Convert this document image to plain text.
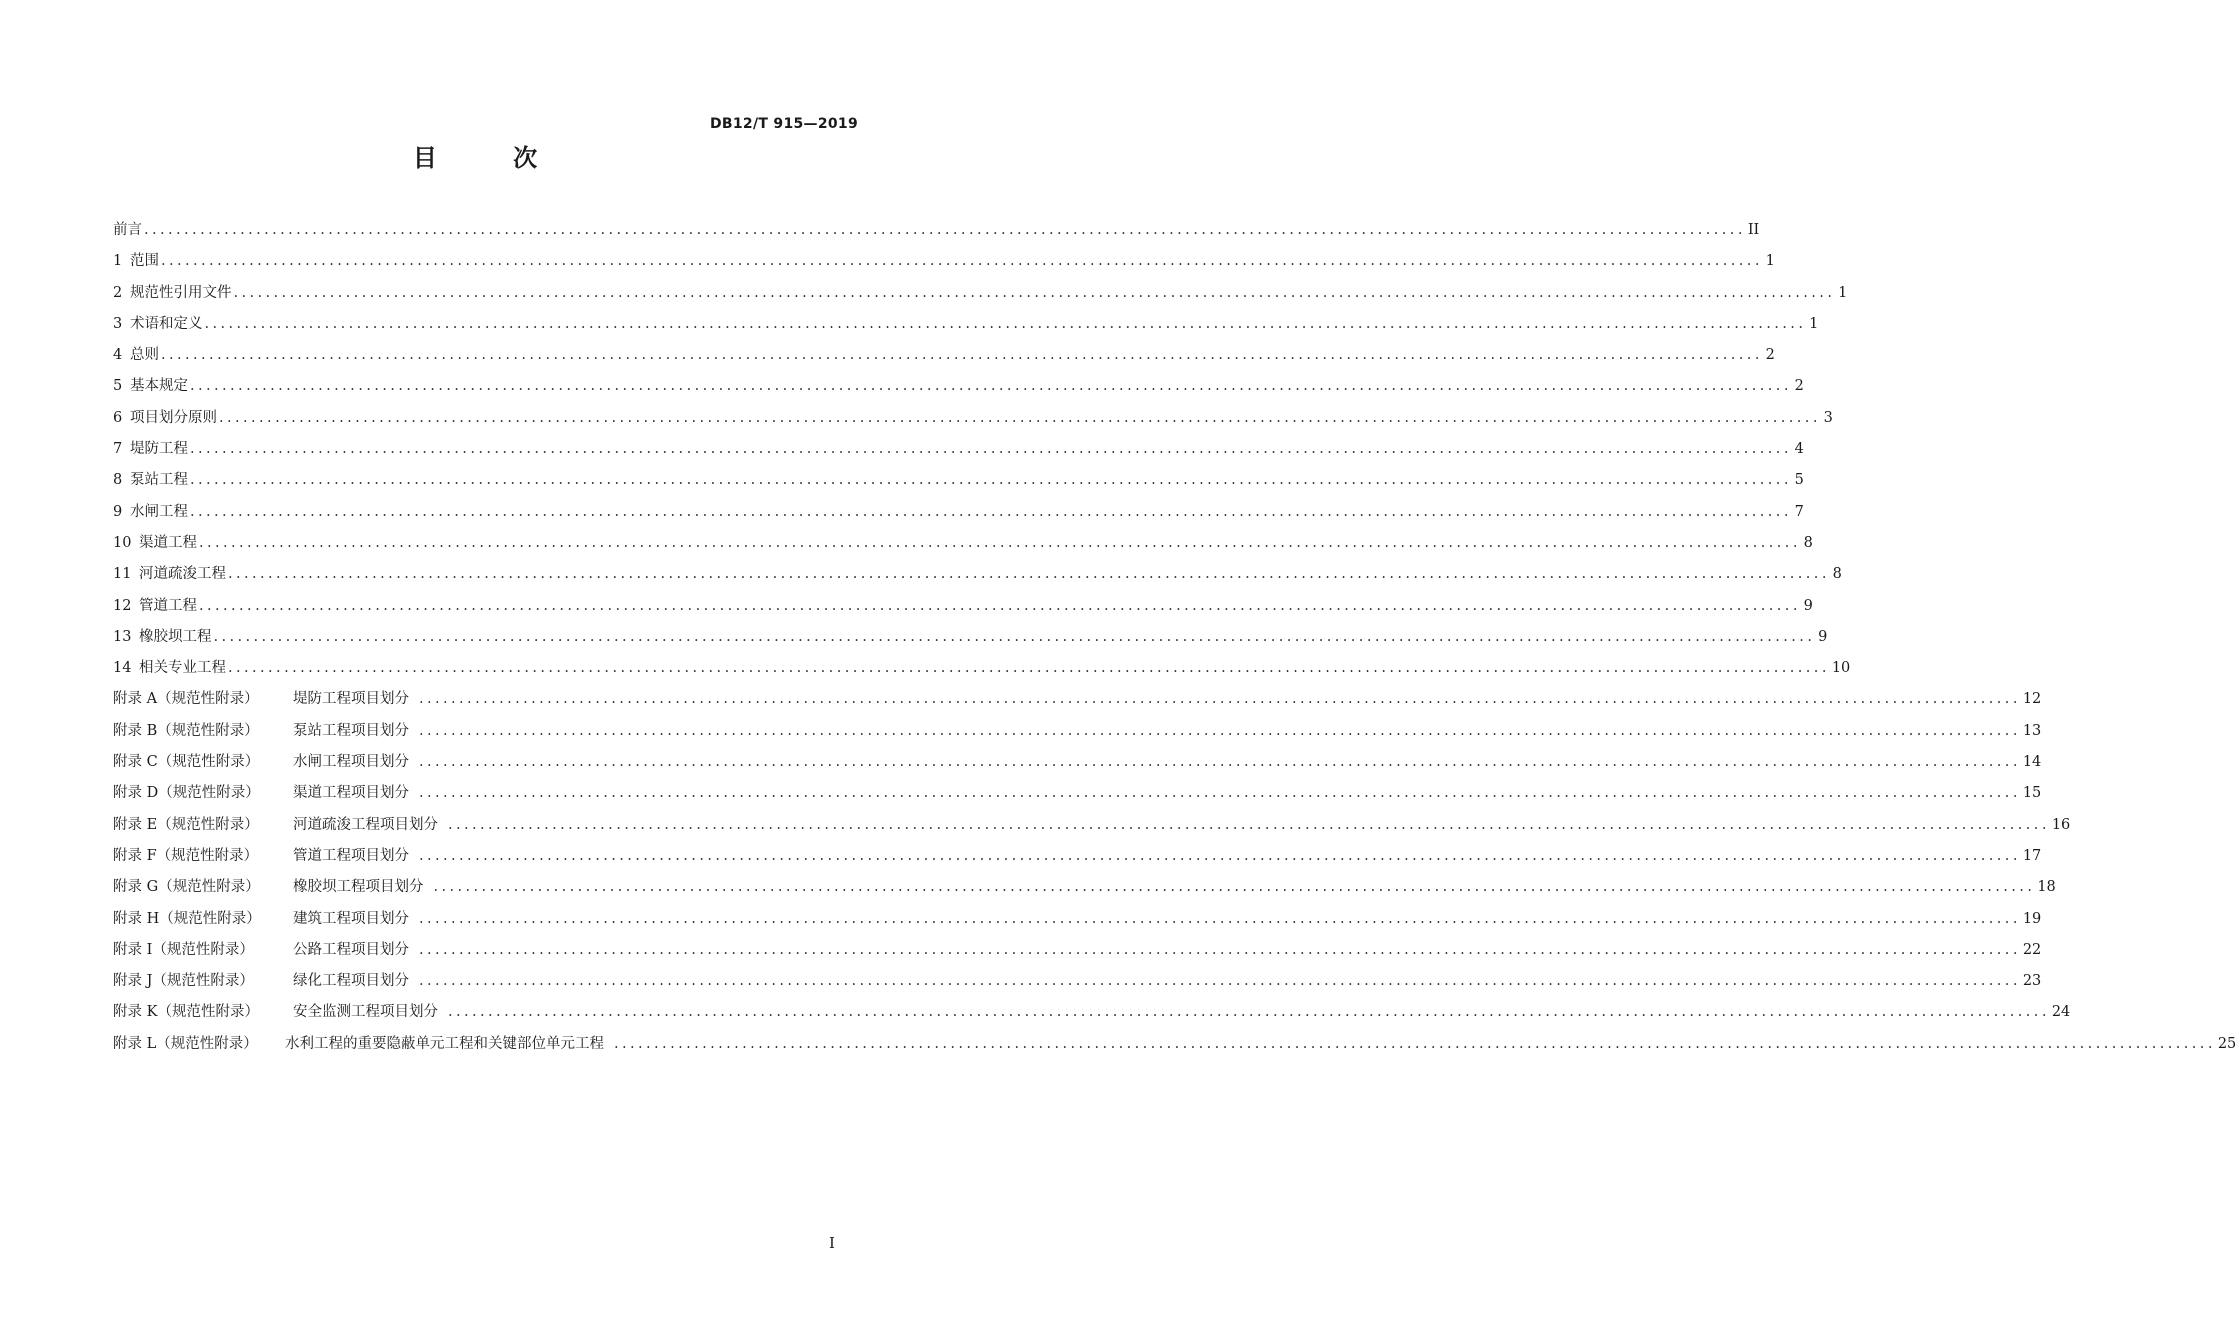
DB12/T 915—2019
目 次
前言 ........................................................................................................................................................................................................ II
1 范围 ........................................................................................................................................................................................................ 1
2 规范性引用文件 ........................................................................................................................................................................................................ 1
3 术语和定义 ........................................................................................................................................................................................................ 1
4 总则 ........................................................................................................................................................................................................ 2
5 基本规定 ........................................................................................................................................................................................................ 2
6 项目划分原则 ........................................................................................................................................................................................................ 3
7 堤防工程 ........................................................................................................................................................................................................ 4
8 泵站工程 ........................................................................................................................................................................................................ 5
9 水闸工程 ........................................................................................................................................................................................................ 7
10 渠道工程 ........................................................................................................................................................................................................ 8
11 河道疏浚工程 ........................................................................................................................................................................................................ 8
12 管道工程 ........................................................................................................................................................................................................ 9
13 橡胶坝工程 ........................................................................................................................................................................................................ 9
14 相关专业工程 ........................................................................................................................................................................................................ 10
附录 A（规范性附录） 堤防工程项目划分 ........................................................................................................................................................................................................ 12
附录 B（规范性附录） 泵站工程项目划分 ........................................................................................................................................................................................................ 13
附录 C（规范性附录） 水闸工程项目划分 ........................................................................................................................................................................................................ 14
附录 D（规范性附录） 渠道工程项目划分 ........................................................................................................................................................................................................ 15
附录 E（规范性附录） 河道疏浚工程项目划分 ........................................................................................................................................................................................................ 16
附录 F（规范性附录） 管道工程项目划分 ........................................................................................................................................................................................................ 17
附录 G（规范性附录） 橡胶坝工程项目划分 ........................................................................................................................................................................................................ 18
附录 H（规范性附录） 建筑工程项目划分 ........................................................................................................................................................................................................ 19
附录 I（规范性附录）	公路工程项目划分 ........................................................................................................................................................................................................ 22
附录 J（规范性附录）	绿化工程项目划分 ........................................................................................................................................................................................................ 23
附录 K（规范性附录） 安全监测工程项目划分 ........................................................................................................................................................................................................ 24
附录 L（规范性附录） 水利工程的重要隐蔽单元工程和关键部位单元工程 ........................................................................................................................................................................................................ 25
I
